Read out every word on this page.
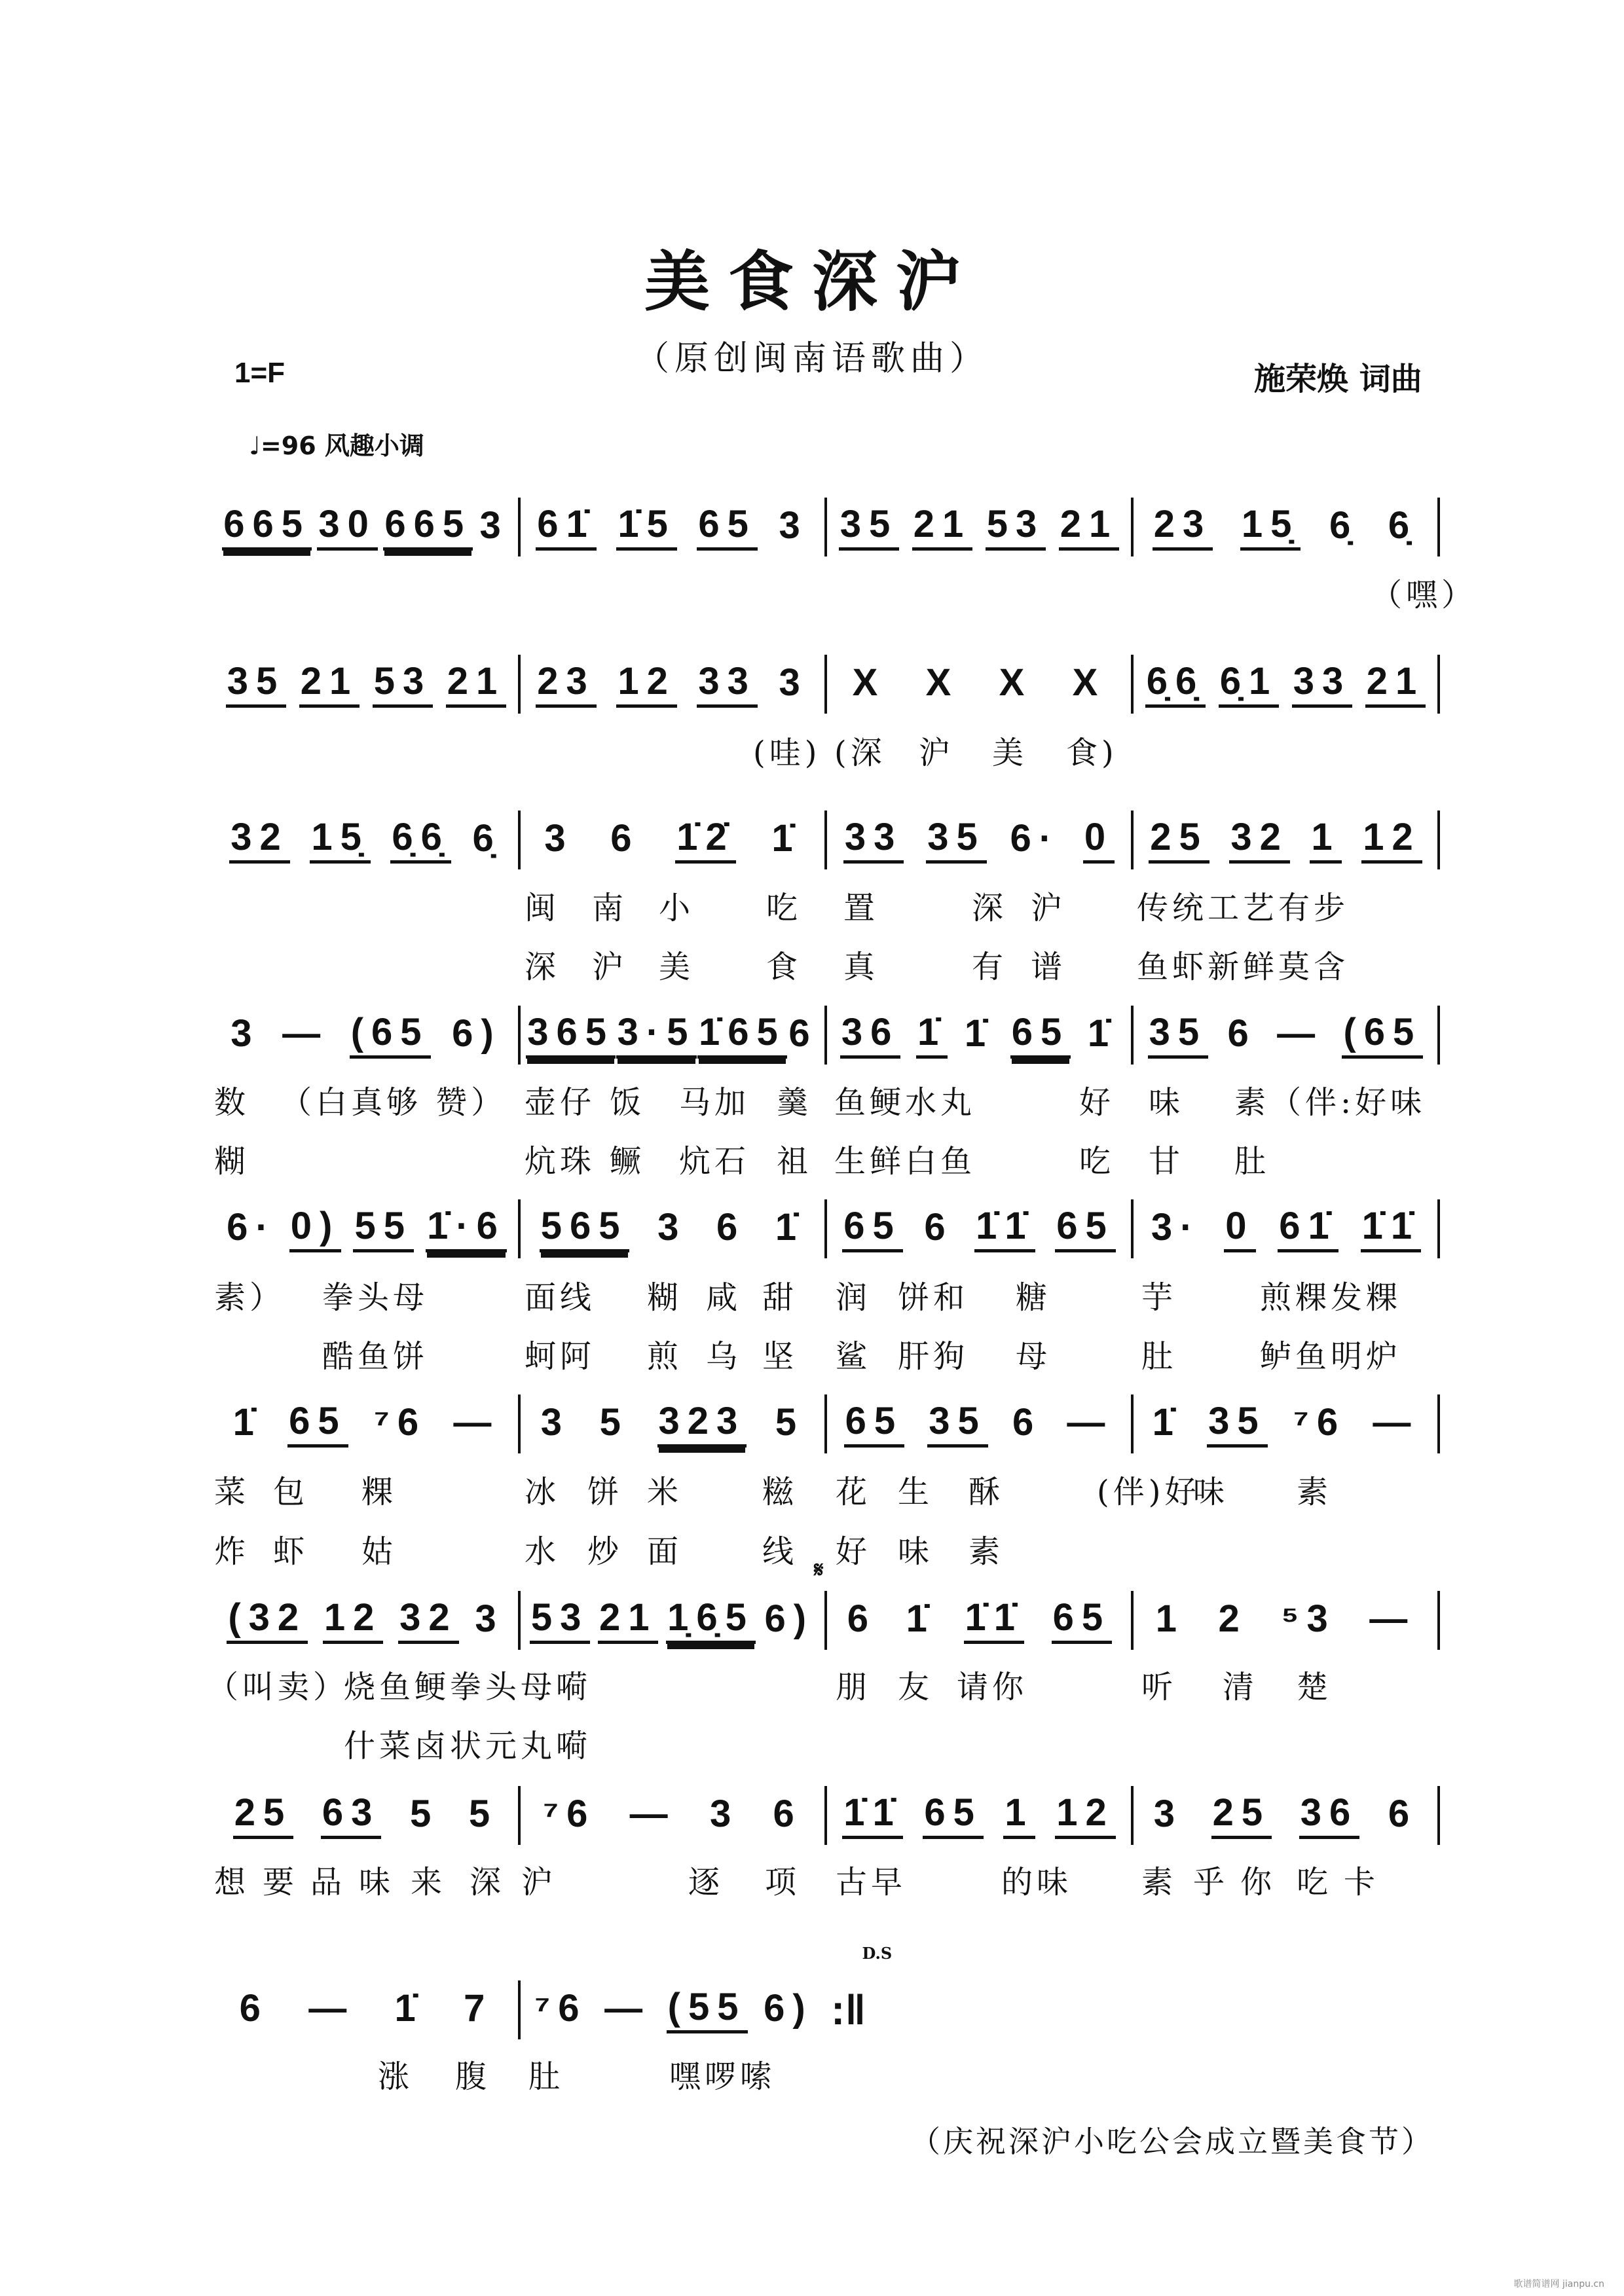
美食深沪
（原创闽南语歌曲）
1=F	施荣焕 词曲
♩=96 风趣小调
665 30 665 3 61̇ 1̇5 65 3 35 21 53 21 23 15̣ 6̣ 6̣
（嘿）
35 21 53 21 23 12 33 3 X X X X 6̣6̣ 6̣1 33 21
(哇) (深 沪 美 食)
32 15̣ 6̣6̣ 6̣ 3 6 1̇2̇ 1̇ 33 35 6· 0 25 32 1 12
闽 南 小 吃 置	深 沪 传统工艺有步
深 沪 美 食 真	有 谱 鱼虾新鲜莫含
3 — (65 6) 365 3·5 1̇65 6 36 1̇ 1̇ 65 1̇ 35 6 — (65
数 （白真够 赞） 壶仔 饭 马加 羹 鱼鲠水丸	好 味 素（伴:好味
糊	炕珠 鳜 炕石 祖 生鲜白鱼	吃 甘 肚
6· 0) 55 1̇·6 565 3 6 1̇ 65 6 1̇1̇ 65 3· 0 61̇ 1̇1̇
素） 拳头母	面线 糊 咸 甜 润 饼和 糖	芋	煎粿发粿
酷鱼饼	蚵阿 煎 乌 坚 鲨 肝狗 母	肚	鲈鱼明炉
1̇ 65 ⁷6 — 3 5 323 5 65 35 6 — 1̇ 35 ⁷6 —
菜 包 粿	冰 饼 米	糍 花 生 酥	(伴)好
味 素
炸 虾 姑	水 炒 面	线 好 味 素
(32 12 32 3 53 21 1̣6̣5 6) 6 1̇ 1̇1̇ 65
𝄋
1 2 ⁵3 —
（叫卖）
烧鱼鲠拳头母嗬	朋 友 请你	听 清 楚
什菜卤状元丸嗬
25 63 5 5 ⁷6 — 3 6 1̇1̇ 65 1 12 3 25 36 6
想 要 品 味 来 深 沪	逐 项 古早	的味 素 乎 你 吃 卡
6 — 1̇ 7 ⁷6 — (55 6) :‖
D.S
涨 腹 肚	嘿啰嗦
（庆祝深沪小吃公会成立暨美食节）
歌谱简谱网 jianpu.cn
